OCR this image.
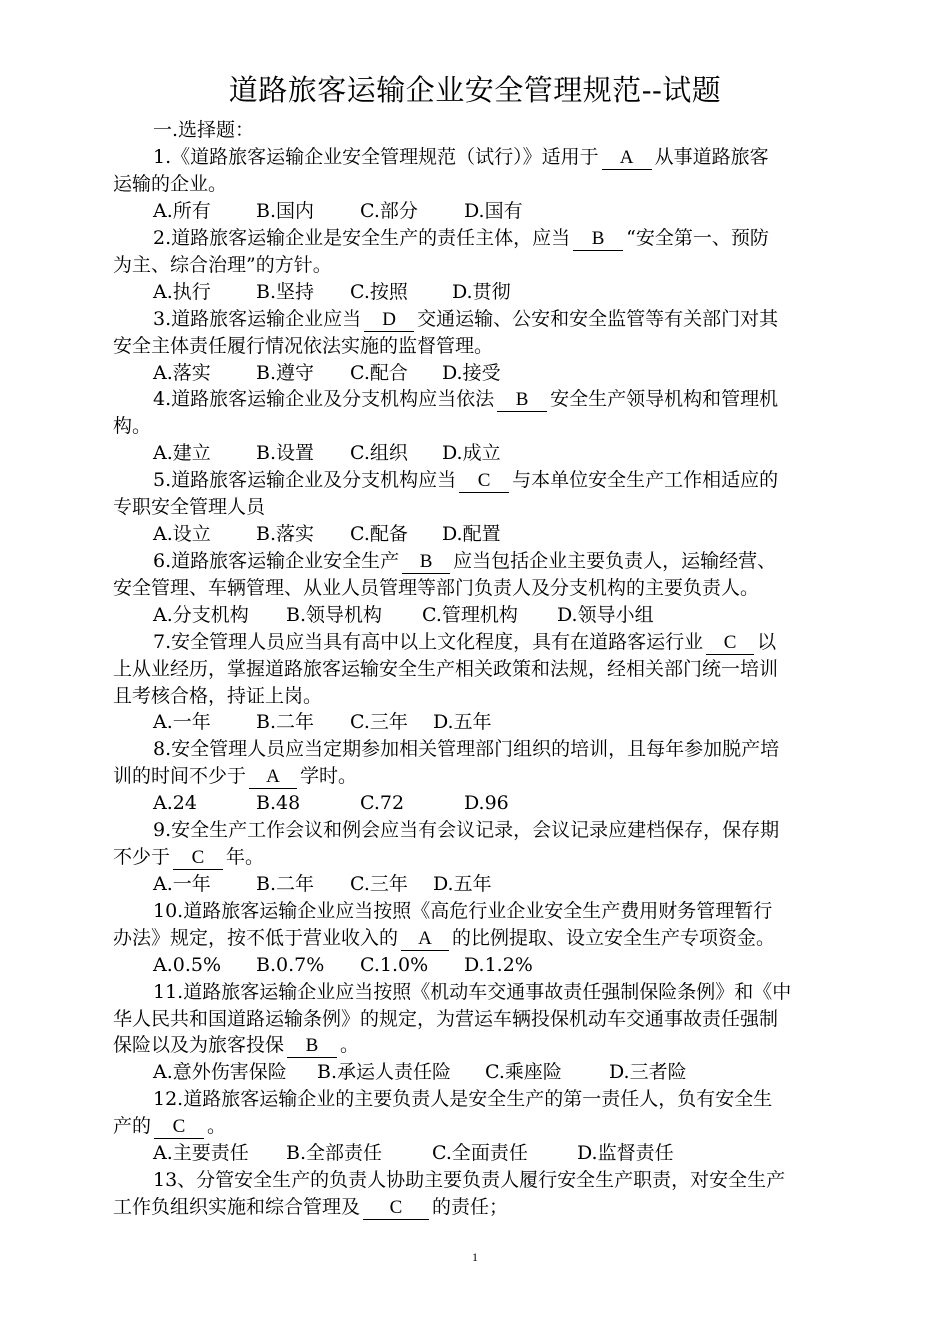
道路旅客运输企业安全管理规范--试题
一.选择题：
1.《道路旅客运输企业安全管理规范（试行）》适用于 A 从事道路旅客
运输的企业。
A.所有 B.国内 C.部分 D.国有
2.道路旅客运输企业是安全生产的责任主体，应当 B “安全第一、预防
为主、综合治理”的方针。
A.执行 B.坚持 C.按照 D.贯彻
3.道路旅客运输企业应当 D 交通运输、公安和安全监管等有关部门对其
安全主体责任履行情况依法实施的监督管理。
A.落实 B.遵守 C.配合 D.接受
4.道路旅客运输企业及分支机构应当依法 B 安全生产领导机构和管理机
构。
A.建立 B.设置 C.组织 D.成立
5.道路旅客运输企业及分支机构应当 C 与本单位安全生产工作相适应的
专职安全管理人员
A.设立 B.落实 C.配备 D.配置
6.道路旅客运输企业安全生产 B 应当包括企业主要负责人，运输经营、
安全管理、车辆管理、从业人员管理等部门负责人及分支机构的主要负责人。
A.分支机构 B.领导机构 C.管理机构 D.领导小组
7.安全管理人员应当具有高中以上文化程度，具有在道路客运行业 C 以
上从业经历，掌握道路旅客运输安全生产相关政策和法规，经相关部门统一培训
且考核合格，持证上岗。
A.一年 B.二年 C.三年 D.五年
8.安全管理人员应当定期参加相关管理部门组织的培训，且每年参加脱产培
训的时间不少于 A 学时。
A.24	B.48	C.72	D.96
9.安全生产工作会议和例会应当有会议记录，会议记录应建档保存，保存期
不少于 C 年。
A.一年 B.二年 C.三年 D.五年
10.道路旅客运输企业应当按照《高危行业企业安全生产费用财务管理暂行
办法》规定，按不低于营业收入的 A 的比例提取、设立安全生产专项资金。
A.0.5% B.0.7% C.1.0% D.1.2%
11.道路旅客运输企业应当按照《机动车交通事故责任强制保险条例》和《中
华人民共和国道路运输条例》的规定，为营运车辆投保机动车交通事故责任强制
保险以及为旅客投保 B 。
A.意外伤害保险 B.承运人责任险 C.乘座险 D.三者险
12.道路旅客运输企业的主要负责人是安全生产的第一责任人，负有安全生
产的 C 。
A.主要责任 B.全部责任	C.全面责任	D.监督责任
13、分管安全生产的负责人协助主要负责人履行安全生产职责，对安全生产
工作负组织实施和综合管理及 C 的责任；
1
